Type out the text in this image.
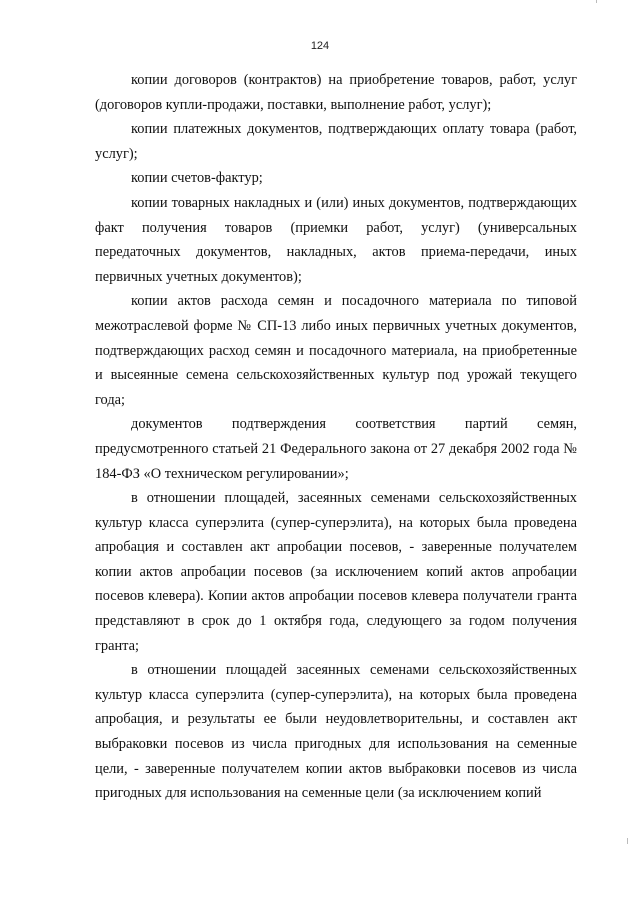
124

копии договоров (контрактов) на приобретение товаров, работ, услуг (договоров купли-продажи, поставки, выполнение работ, услуг);

копии платежных документов, подтверждающих оплату товара (работ, услуг);

копии счетов-фактур;

копии товарных накладных и (или) иных документов, подтверждающих факт получения товаров (приемки работ, услуг) (универсальных передаточных документов, накладных, актов приема-передачи, иных первичных учетных документов);

копии актов расхода семян и посадочного материала по типовой межотраслевой форме № СП-13 либо иных первичных учетных документов, подтверждающих расход семян и посадочного материала, на приобретенные и высеянные семена сельскохозяйственных культур под урожай текущего года;

документов подтверждения соответствия партий семян, предусмотренного статьей 21 Федерального закона от 27 декабря 2002 года № 184-ФЗ «О техническом регулировании»;

в отношении площадей, засеянных семенами сельскохозяйственных культур класса суперэлита (супер-суперэлита), на которых была проведена апробация и составлен акт апробации посевов, - заверенные получателем копии актов апробации посевов (за исключением копий актов апробации посевов клевера). Копии актов апробации посевов клевера получатели гранта представляют в срок до 1 октября года, следующего за годом получения гранта;

в отношении площадей засеянных семенами сельскохозяйственных культур класса суперэлита (супер-суперэлита), на которых была проведена апробация, и результаты ее были неудовлетворительны, и составлен акт выбраковки посевов из числа пригодных для использования на семенные цели, - заверенные получателем копии актов выбраковки посевов из числа пригодных для использования на семенные цели (за исключением копий
